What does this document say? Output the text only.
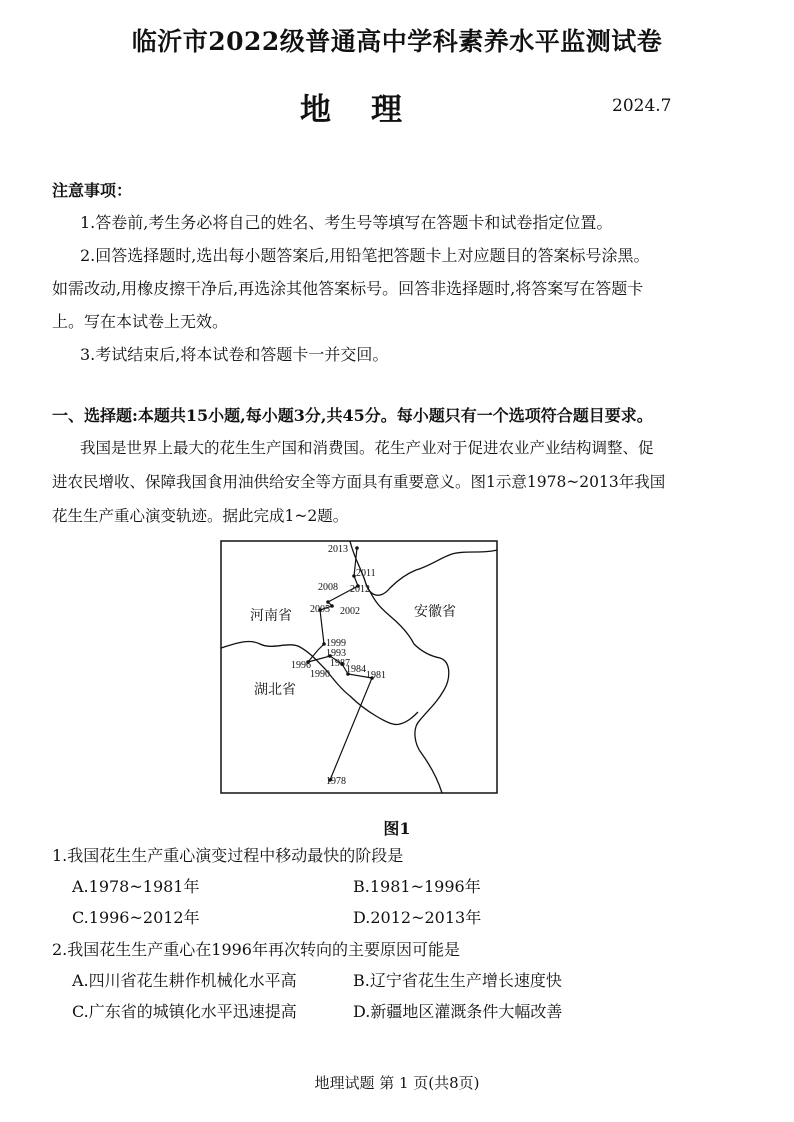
临沂市2022级普通高中学科素养水平监测试卷
地理	2024.7
注意事项：
1.答卷前,考生务必将自己的姓名、考生号等填写在答题卡和试卷指定位置。
2.回答选择题时,选出每小题答案后,用铅笔把答题卡上对应题目的答案标号涂黑。
如需改动,用橡皮擦干净后,再选涂其他答案标号。回答非选择题时,将答案写在答题卡
上。写在本试卷上无效。
3.考试结束后,将本试卷和答题卡一并交回。
一、选择题:本题共15小题,每小题3分,共45分。每小题只有一个选项符合题目要求。
我国是世界上最大的花生生产国和消费国。花生产业对于促进农业产业结构调整、促
进农民增收、保障我国食用油供给安全等方面具有重要意义。图1示意1978~2013年我国
花生生产重心演变轨迹。据此完成1~2题。
2013
2011
2008 2012
2005 2002
1999
1993
1996 1987
1990 1984
1981
1978
河南省	安徽省
湖北省
图1
1.我国花生生产重心演变过程中移动最快的阶段是
A.1978~1981年	B.1981~1996年
C.1996~2012年	D.2012~2013年
2.我国花生生产重心在1996年再次转向的主要原因可能是
A.四川省花生耕作机械化水平高	B.辽宁省花生生产增长速度快
C.广东省的城镇化水平迅速提高	D.新疆地区灌溉条件大幅改善
地理试题 第 1 页(共8页)
